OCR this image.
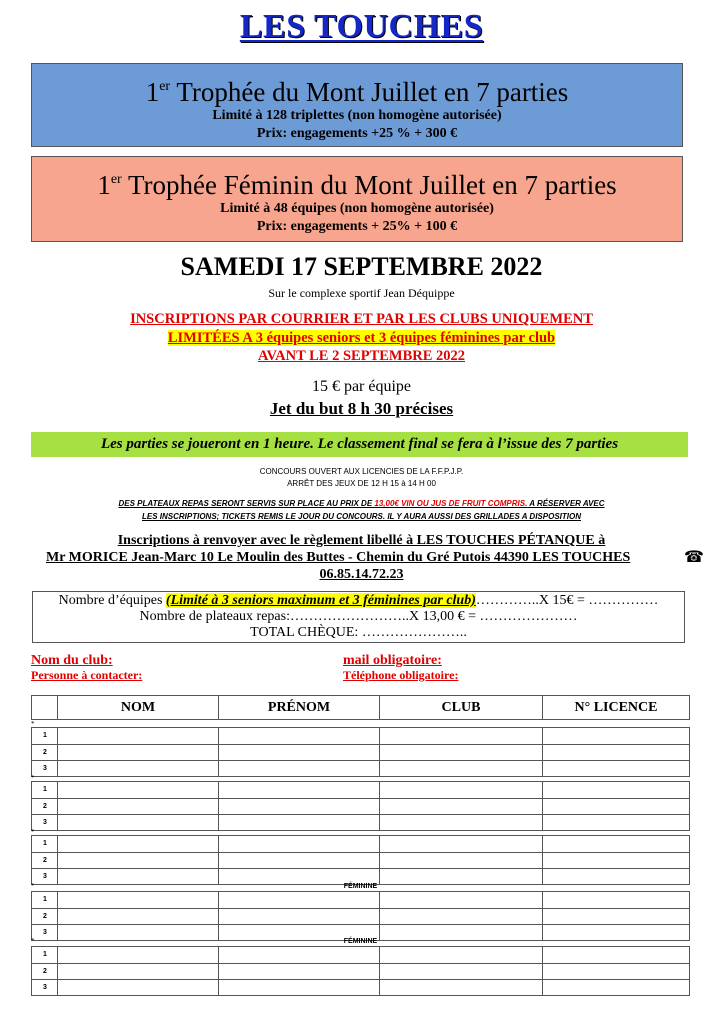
LES TOUCHES
1er Trophée du Mont Juillet en 7 parties
Limité à 128 triplettes (non homogène autorisée)
Prix: engagements +25 % + 300 €
1er Trophée Féminin du Mont Juillet en 7 parties
Limité à 48 équipes (non homogène autorisée)
Prix: engagements + 25% + 100 €
SAMEDI 17 SEPTEMBRE 2022
Sur le complexe sportif Jean Déquippe
INSCRIPTIONS PAR COURRIER ET PAR LES CLUBS UNIQUEMENT
LIMITÉES A 3 équipes seniors et 3 équipes féminines par club
AVANT LE 2 SEPTEMBRE 2022
15 € par équipe
Jet du but 8 h 30 précises
Les parties se joueront en 1 heure. Le classement final se fera à l’issue des 7 parties
CONCOURS OUVERT AUX LICENCIES DE LA F.F.P.J.P.
ARRÊT DES JEUX DE 12 H 15 à 14 H 00
DES PLATEAUX REPAS SERONT SERVIS SUR PLACE AU PRIX DE 13,00€ VIN OU JUS DE FRUIT COMPRIS. A RÉSERVER AVEC
LES INSCRIPTIONS; TICKETS REMIS LE JOUR DU CONCOURS. IL Y AURA AUSSI DES GRILLADES A DISPOSITION
Inscriptions à renvoyer avec le règlement libellé à LES TOUCHES PÉTANQUE à
Mr MORICE Jean-Marc 10 Le Moulin des Buttes - Chemin du Gré Putois 44390 LES TOUCHES	☎
06.85.14.72.23
Nombre d’équipes (Limité à 3 seniors maximum et 3 féminines par club)…………..X 15€ = ……………
Nombre de plateaux repas:……………………..X 13,00 € = …………………
TOTAL CHÈQUE: …………………..
Nom du club:	mail obligatoire:
Personne à contacter:	Téléphone obligatoire:
NOM	PRÉNOM	CLUB	N° LICENCE
*
1
2
3
*
1
2
3
*
1
2
3
*	FÉMININE
1
2
3
*	FÉMININE
1
2
3
